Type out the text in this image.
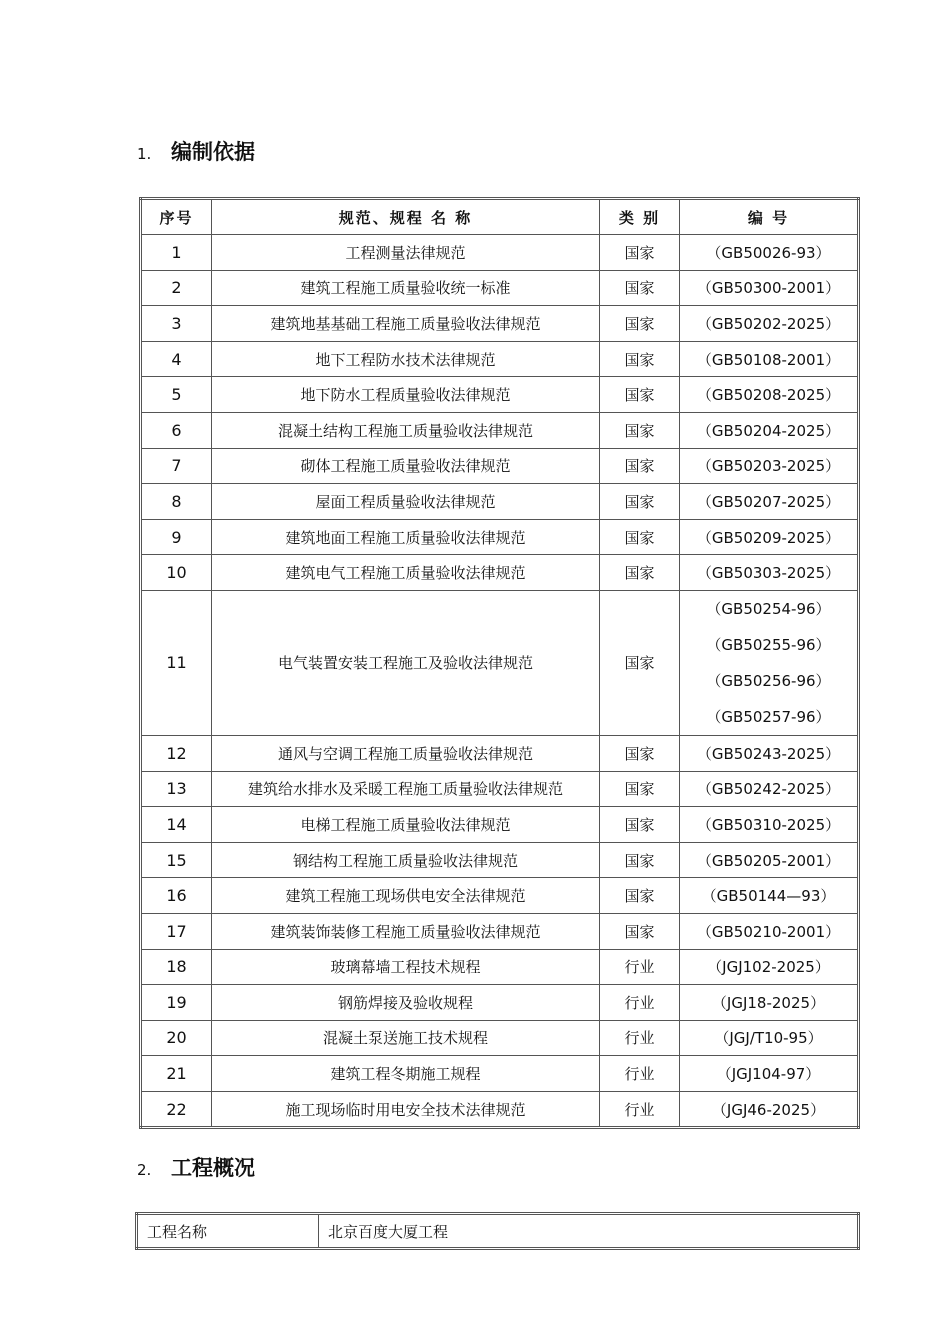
1. 编制依据
序号	规范、规程 名 称	类 别	编 号
1	工程测量法律规范	国家	（GB50026-93）
2	建筑工程施工质量验收统一标准	国家	（GB50300-2001）
3	建筑地基基础工程施工质量验收法律规范	国家	（GB50202-2025）
4	地下工程防水技术法律规范	国家	（GB50108-2001）
5	地下防水工程质量验收法律规范	国家	（GB50208-2025）
6	混凝土结构工程施工质量验收法律规范	国家	（GB50204-2025）
7	砌体工程施工质量验收法律规范	国家	（GB50203-2025）
8	屋面工程质量验收法律规范	国家	（GB50207-2025）
9	建筑地面工程施工质量验收法律规范	国家	（GB50209-2025）
10	建筑电气工程施工质量验收法律规范	国家	（GB50303-2025）
11	电气装置安装工程施工及验收法律规范	国家	（GB50254-96）
（GB50255-96）
（GB50256-96）
（GB50257-96）

12	通风与空调工程施工质量验收法律规范	国家	（GB50243-2025）
13	建筑给水排水及采暖工程施工质量验收法律规范	国家	（GB50242-2025）
14	电梯工程施工质量验收法律规范	国家	（GB50310-2025）
15	钢结构工程施工质量验收法律规范	国家	（GB50205-2001）
16	建筑工程施工现场供电安全法律规范	国家	（GB50144—93）
17	建筑装饰装修工程施工质量验收法律规范	国家	（GB50210-2001）
18	玻璃幕墙工程技术规程	行业	（JGJ102-2025）
19	钢筋焊接及验收规程	行业	（JGJ18-2025）
20	混凝土泵送施工技术规程	行业	（JGJ/T10-95）
21	建筑工程冬期施工规程	行业	（JGJ104-97）
22	施工现场临时用电安全技术法律规范	行业	（JGJ46-2025）
2. 工程概况
工程名称	北京百度大厦工程
